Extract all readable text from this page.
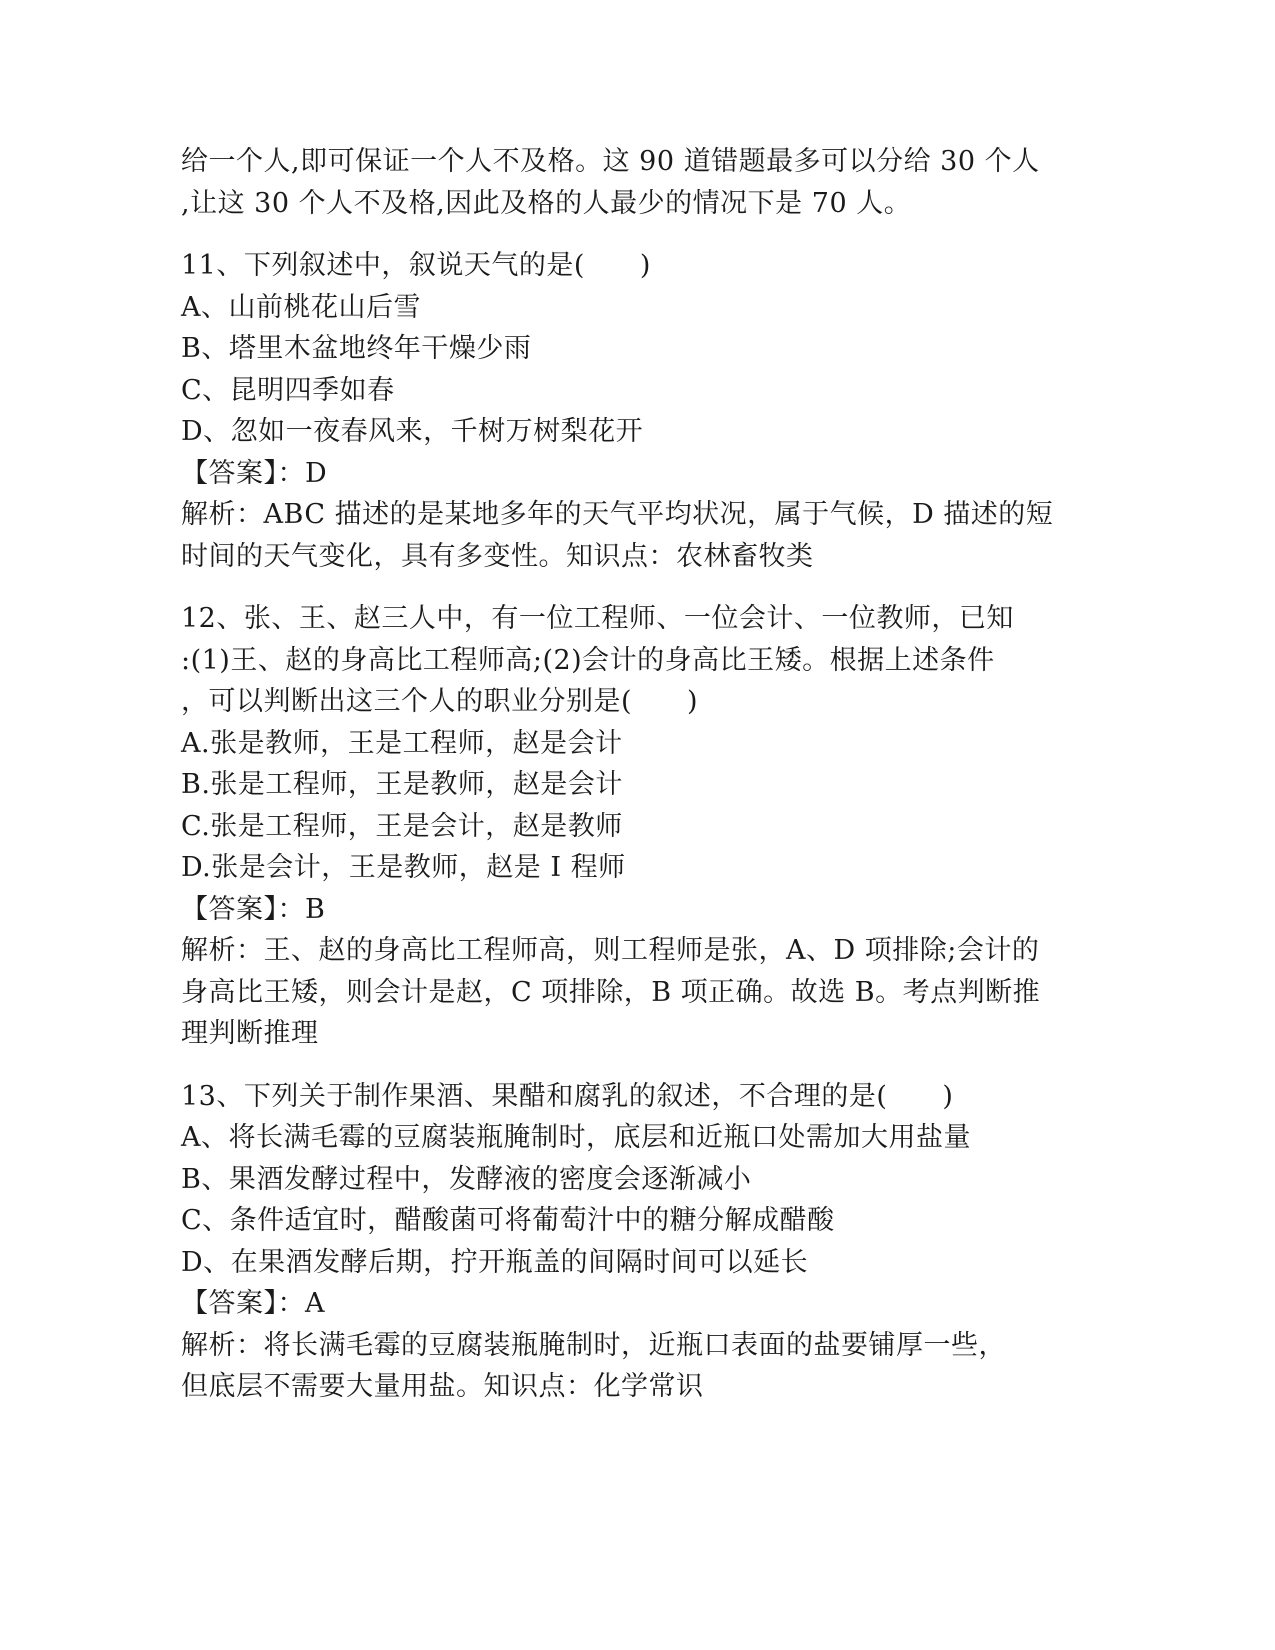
给一个人,即可保证一个人不及格。这 90 道错题最多可以分给 30 个人
,让这 30 个人不及格,因此及格的人最少的情况下是 70 人。
11、下列叙述中，叙说天气的是(　　)
A、山前桃花山后雪
B、塔里木盆地终年干燥少雨
C、昆明四季如春
D、忽如一夜春风来，千树万树梨花开
【答案】：D
解析：ABC 描述的是某地多年的天气平均状况，属于气候，D 描述的短
时间的天气变化，具有多变性。知识点：农林畜牧类
12、张、王、赵三人中，有一位工程师、一位会计、一位教师，已知
:(1)王、赵的身高比工程师高;(2)会计的身高比王矮。根据上述条件
，可以判断出这三个人的职业分别是(　　)
A.张是教师，王是工程师，赵是会计
B.张是工程师，王是教师，赵是会计
C.张是工程师，王是会计，赵是教师
D.张是会计，王是教师，赵是 I 程师
【答案】：B
解析：王、赵的身高比工程师高，则工程师是张，A、D 项排除;会计的
身高比王矮，则会计是赵，C 项排除，B 项正确。故选 B。考点判断推
理判断推理
13、下列关于制作果酒、果醋和腐乳的叙述，不合理的是(　　)
A、将长满毛霉的豆腐装瓶腌制时，底层和近瓶口处需加大用盐量
B、果酒发酵过程中，发酵液的密度会逐渐减小
C、条件适宜时，醋酸菌可将葡萄汁中的糖分解成醋酸
D、在果酒发酵后期，拧开瓶盖的间隔时间可以延长
【答案】：A
解析：将长满毛霉的豆腐装瓶腌制时，近瓶口表面的盐要铺厚一些，
但底层不需要大量用盐。知识点：化学常识
